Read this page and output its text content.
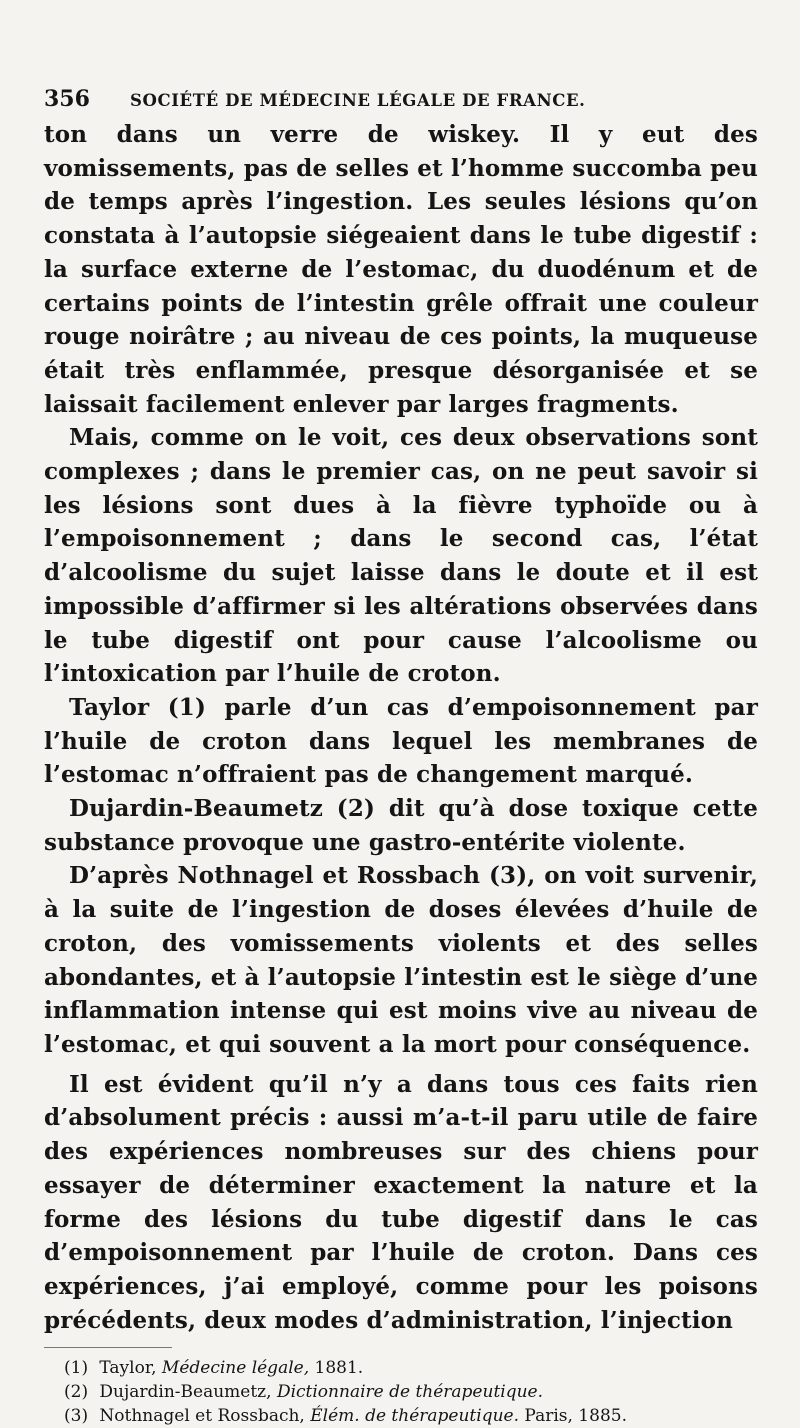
356	SOCIÉTÉ DE MÉDECINE LÉGALE DE FRANCE.

ton dans un verre de wiskey. Il y eut des vomissements, pas de selles et l’homme succomba peu de temps après l’ingestion. Les seules lésions qu’on constata à l’autopsie siégeaient dans le tube digestif : la surface externe de l’estomac, du duodénum et de certains points de l’intestin grêle offrait une couleur rouge noirâtre ; au niveau de ces points, la muqueuse était très enflammée, presque désorganisée et se laissait facilement enlever par larges fragments.

Mais, comme on le voit, ces deux observations sont complexes ; dans le premier cas, on ne peut savoir si les lésions sont dues à la fièvre typhoïde ou à l’empoisonnement ; dans le second cas, l’état d’alcoolisme du sujet laisse dans le doute et il est impossible d’affirmer si les altérations observées dans le tube digestif ont pour cause l’alcoolisme ou l’intoxication par l’huile de croton.

Taylor (1) parle d’un cas d’empoisonnement par l’huile de croton dans lequel les membranes de l’estomac n’offraient pas de changement marqué.

Dujardin-Beaumetz (2) dit qu’à dose toxique cette substance provoque une gastro-entérite violente.

D’après Nothnagel et Rossbach (3), on voit survenir, à la suite de l’ingestion de doses élevées d’huile de croton, des vomissements violents et des selles abondantes, et à l’autopsie l’intestin est le siège d’une inflammation intense qui est moins vive au niveau de l’estomac, et qui souvent a la mort pour conséquence.

Il est évident qu’il n’y a dans tous ces faits rien d’absolument précis : aussi m’a-t-il paru utile de faire des expériences nombreuses sur des chiens pour essayer de déterminer exactement la nature et la forme des lésions du tube digestif dans le cas d’empoisonnement par l’huile de croton. Dans ces expériences, j’ai employé, comme pour les poisons précédents, deux modes d’administration, l’injection

(1) Taylor, Médecine légale, 1881.
(2) Dujardin-Beaumetz, Dictionnaire de thérapeutique.
(3) Nothnagel et Rossbach, Élém. de thérapeutique. Paris, 1885.
